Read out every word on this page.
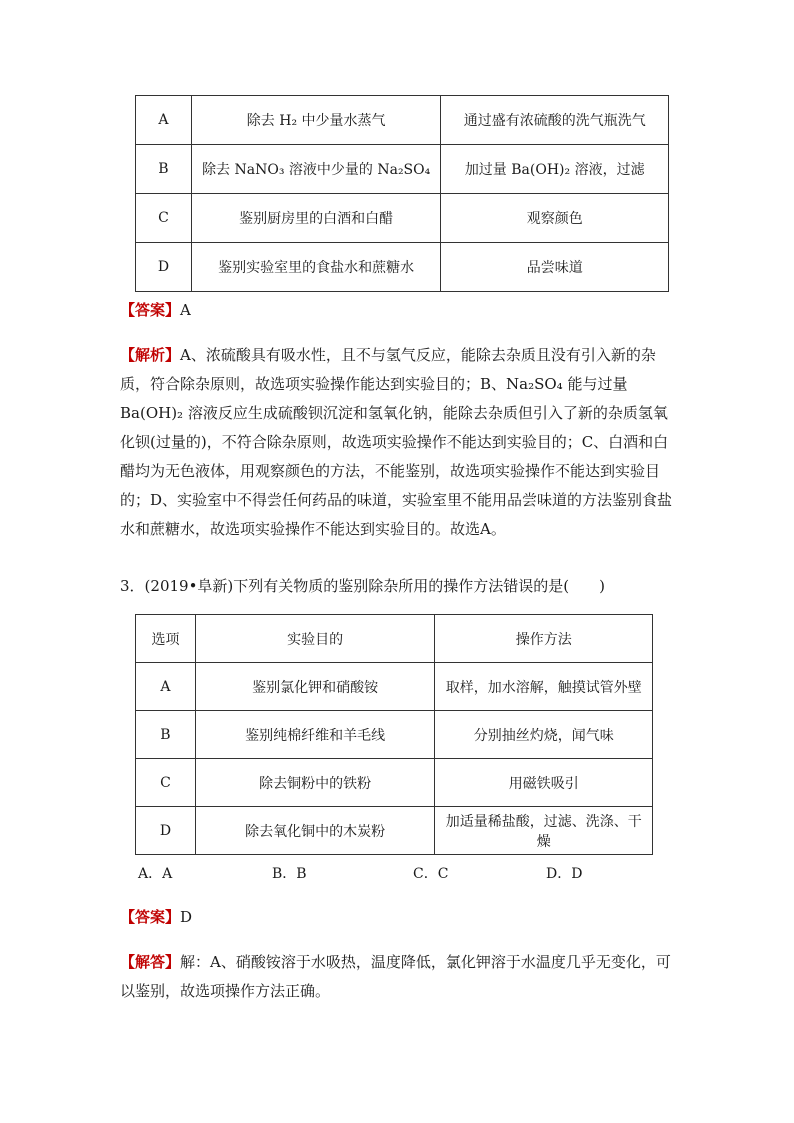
A	除去 H₂ 中少量水蒸气	通过盛有浓硫酸的洗气瓶洗气
B	除去 NaNO₃ 溶液中少量的 Na₂SO₄	加过量 Ba(OH)₂ 溶液，过滤
C	鉴别厨房里的白酒和白醋	观察颜色
D	鉴别实验室里的食盐水和蔗糖水	品尝味道
【答案】A
【解析】A、浓硫酸具有吸水性，且不与氢气反应，能除去杂质且没有引入新的杂质，符合除杂原则，故选项实验操作能达到实验目的；B、Na₂SO₄ 能与过量 Ba(OH)₂ 溶液反应生成硫酸钡沉淀和氢氧化钠，能除去杂质但引入了新的杂质氢氧化钡(过量的)，不符合除杂原则，故选项实验操作不能达到实验目的；C、白酒和白醋均为无色液体，用观察颜色的方法，不能鉴别，故选项实验操作不能达到实验目的；D、实验室中不得尝任何药品的味道，实验室里不能用品尝味道的方法鉴别食盐水和蔗糖水，故选项实验操作不能达到实验目的。故选A。
3．(2019•阜新)下列有关物质的鉴别除杂所用的操作方法错误的是(　　)
选项	实验目的	操作方法
A	鉴别氯化钾和硝酸铵	取样，加水溶解，触摸试管外壁
B	鉴别纯棉纤维和羊毛线	分别抽丝灼烧，闻气味
C	除去铜粉中的铁粉	用磁铁吸引
D	除去氧化铜中的木炭粉	加适量稀盐酸，过滤、洗涤、干燥
A．A	B．B	C．C	D．D
【答案】D
【解答】解：A、硝酸铵溶于水吸热，温度降低，氯化钾溶于水温度几乎无变化，可以鉴别，故选项操作方法正确。
